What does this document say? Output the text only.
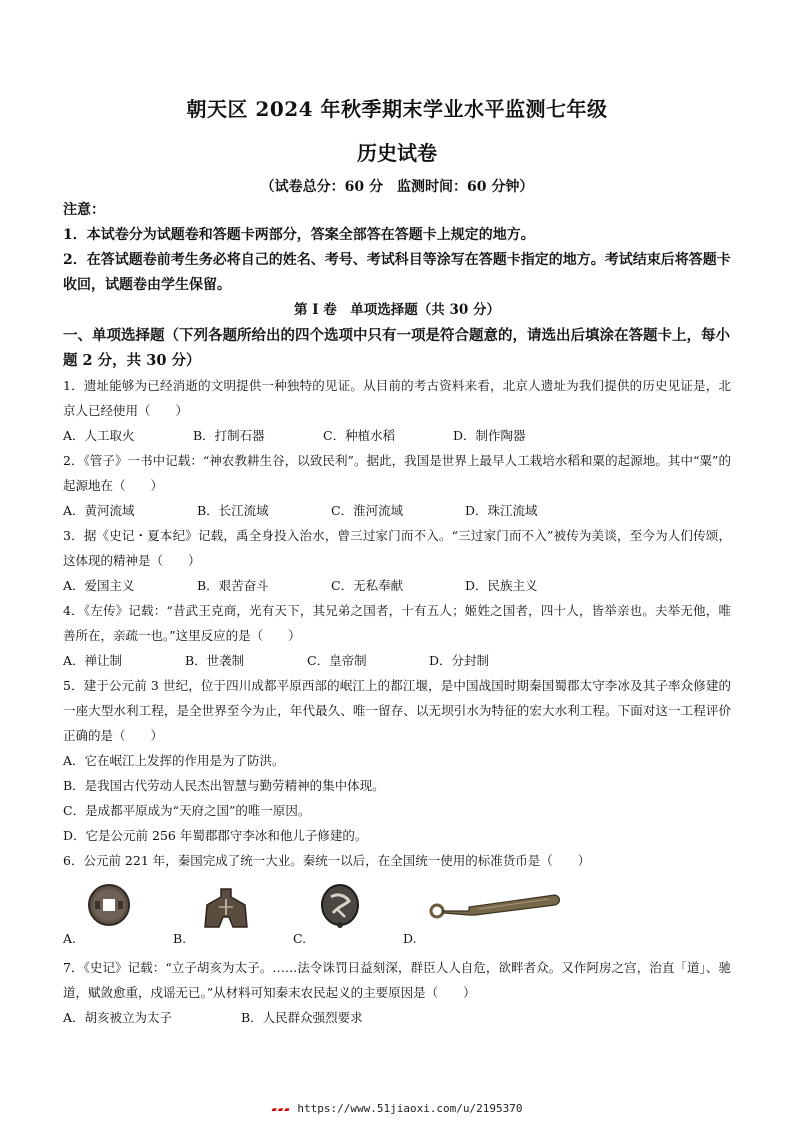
朝天区 2024 年秋季期末学业水平监测七年级
历史试卷
（试卷总分：60 分　监测时间：60 分钟）
注意：
1．本试卷分为试题卷和答题卡两部分，答案全部答在答题卡上规定的地方。
2．在答试题卷前考生务必将自己的姓名、考号、考试科目等涂写在答题卡指定的地方。考试结束后将答题卡收回，试题卷由学生保留。
第 I 卷　单项选择题（共 30 分）
一、单项选择题（下列各题所给出的四个选项中只有一项是符合题意的，请选出后填涂在答题卡上，每小题 2 分，共 30 分）
1．遗址能够为已经消逝的文明提供一种独特的见证。从目前的考古资料来看，北京人遗址为我们提供的历史见证是，北京人已经使用（　　）
A．人工取火	B．打制石器	C．种植水稻	D．制作陶器
2．《管子》一书中记载：“神农教耕生谷，以致民利”。据此，我国是世界上最早人工栽培水稻和粟的起源地。其中“粟”的起源地在（　　）
A．黄河流域	B．长江流域	C．淮河流域	D．珠江流域
3．据《史记・夏本纪》记载，禹全身投入治水，曾三过家门而不入。“三过家门而不入”被传为美谈，至今为人们传颂，这体现的精神是（　　）
A．爱国主义	B．艰苦奋斗	C．无私奉献	D．民族主义
4．《左传》记载：“昔武王克商，光有天下，其兄弟之国者，十有五人；姬姓之国者，四十人，皆举亲也。夫举无他，唯善所在，亲疏一也。”这里反应的是（　　）
A．禅让制	B．世袭制	C．皇帝制	D．分封制
5．建于公元前 3 世纪，位于四川成都平原西部的岷江上的都江堰，是中国战国时期秦国蜀郡太守李冰及其子率众修建的一座大型水利工程，是全世界至今为止，年代最久、唯一留存、以无坝引水为特征的宏大水利工程。下面对这一工程评价正确的是（　　）
A．它在岷江上发挥的作用是为了防洪。
B．是我国古代劳动人民杰出智慧与勤劳精神的集中体现。
C．是成都平原成为“天府之国”的唯一原因。
D．它是公元前 256 年蜀郡郡守李冰和他儿子修建的。
6．公元前 221 年，秦国完成了统一大业。秦统一以后，在全国统一使用的标准货币是（　　）
A.	B.	C.	D.
7．《史记》记载：“立子胡亥为太子。……法令诛罚日益刻深，群臣人人自危，欲畔者众。又作阿房之宫，治直「道」、驰道，赋敛愈重，戍谣无已。”从材料可知秦末农民起义的主要原因是（　　）
A．胡亥被立为太子	B．人民群众强烈要求
▰▰▰ https://www.51jiaoxi.com/u/2195370
